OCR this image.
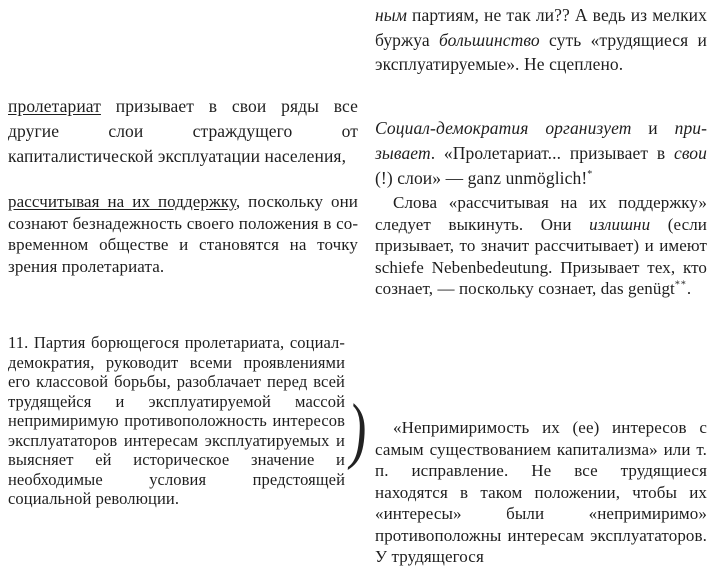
пролетариат призывает в свои ряды все другие слои страждущего от капиталистической эксплуатации населения,

рассчитывая на их поддержку, поскольку они сознают безнадежность своего положения в современном обществе и становятся на точку зрения пролетариата.

11. Партия борющегося пролетариата, социал-демократия, руководит всеми проявлениями его классовой борьбы, разоблачает перед всей трудящейся и эксплуатируемой массой непримиримую противоположность интересов эксплуататоров интересам эксплуатируемых и выясняет ей историческое значение и необходимые условия предстоящей социальной революции.

)

ным партиям, не так ли?? А ведь из мелких буржуа большинство суть «трудящиеся и эксплуатируемые». Не сцеплено.

Социал-демократия организует и призывает. «Пролетариат... призывает в свои (!) слои» — ganz unmöglich!*

Слова «рассчитывая на их поддержку» следует выкинуть. Они излишни (если призывает, то значит рассчитывает) и имеют schiefe Nebenbedeutung. Призывает тех, кто сознает, — поскольку сознает, das genügt**.

«Непримиримость их (ее) интересов с самым существованием капитализма» или т. п. исправление. Не все трудящиеся находятся в таком положении, чтобы их «интересы» были «непримиримо» противоположны интересам эксплуататоров. У трудящегося
